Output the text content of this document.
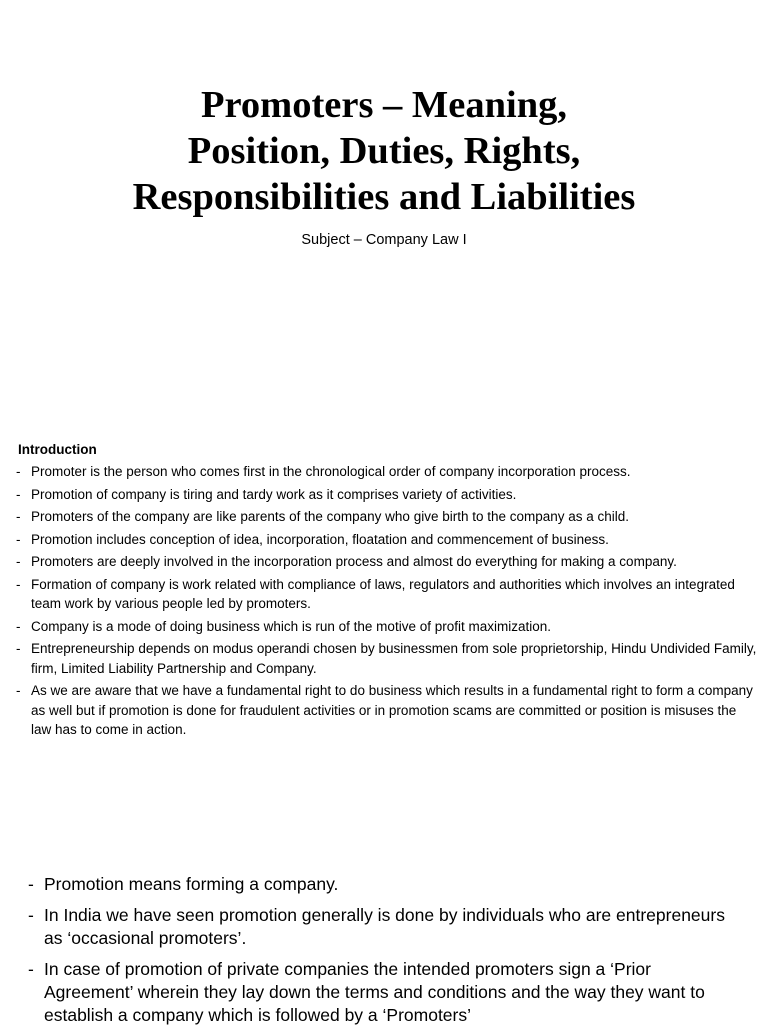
Promoters – Meaning,
Position, Duties, Rights,
Responsibilities and Liabilities
Subject – Company Law I
Introduction
- Promoter is the person who comes first in the chronological order of company incorporation process.
- Promotion of company is tiring and tardy work as it comprises variety of activities.
- Promoters of the company are like parents of the company who give birth to the company as a child.
- Promotion includes conception of idea, incorporation, floatation and commencement of business.
- Promoters are deeply involved in the incorporation process and almost do everything for making a company.
- Formation of company is work related with compliance of laws, regulators and authorities which involves an integrated team work by various people led by promoters.
- Company is a mode of doing business which is run of the motive of profit maximization.
- Entrepreneurship depends on modus operandi chosen by businessmen from sole proprietorship, Hindu Undivided Family, firm, Limited Liability Partnership and Company.
- As we are aware that we have a fundamental right to do business which results in a fundamental right to form a company as well but if promotion is done for fraudulent activities or in promotion scams are committed or position is misuses the law has to come in action.
- Promotion means forming a company.
- In India we have seen promotion generally is done by individuals who are entrepreneurs as ‘occasional promoters’.
- In case of promotion of private companies the intended promoters sign a ‘Prior Agreement’ wherein they lay down the terms and conditions and the way they want to establish a company which is followed by a ‘Promoters’
